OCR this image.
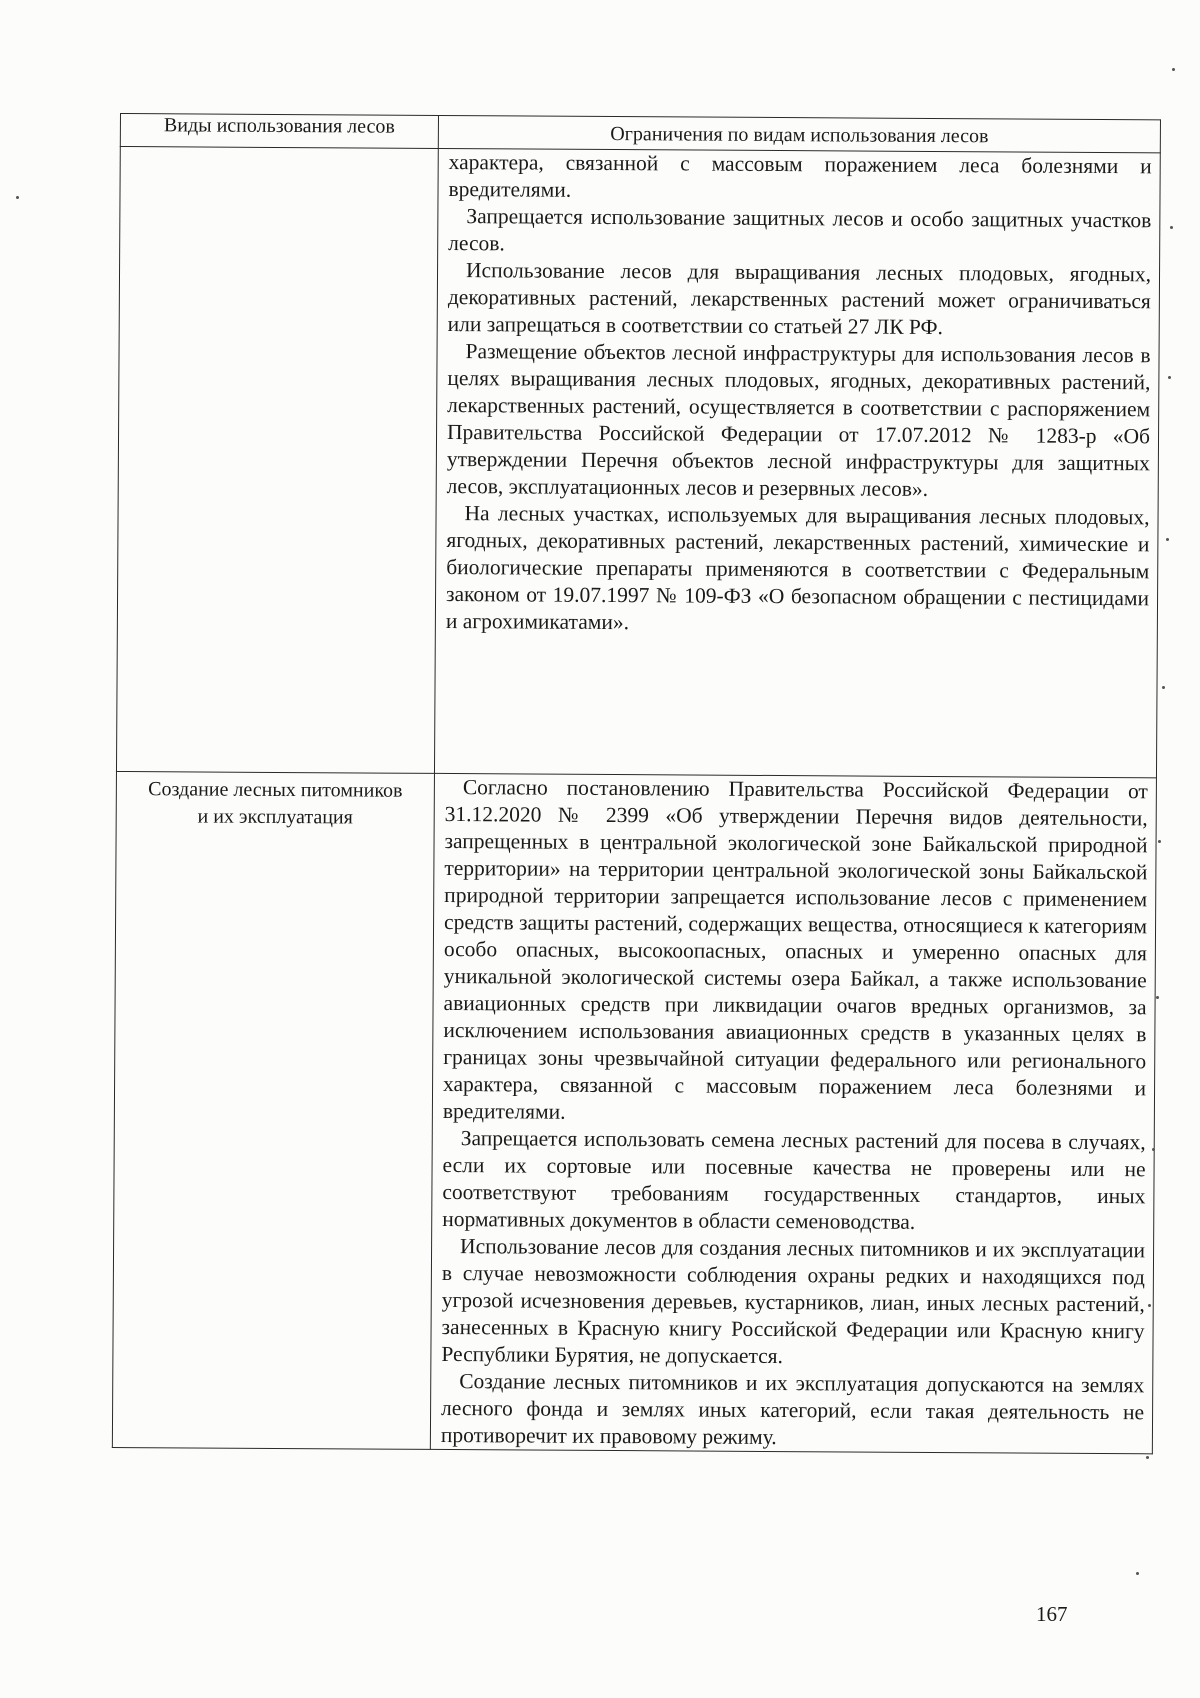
Виды использования лесов	Ограничения по видам использования лесов

	характера, связанной с массовым поражением леса болезнями и вредителями.

Запрещается использование защитных лесов и особо защитных участков лесов.

Использование лесов для выращивания лесных плодовых, ягодных, декоративных растений, лекарственных растений может ограничиваться или запрещаться в соответствии со статьей 27 ЛК РФ.

Размещение объектов лесной инфраструктуры для использования лесов в целях выращивания лесных плодовых, ягодных, декоративных растений, лекарственных растений, осуществляется в соответствии с распоряжением Правительства Российской Федерации от 17.07.2012 № 1283-р «Об утверждении Перечня объектов лесной инфраструктуры для защитных лесов, эксплуатационных лесов и резервных лесов».

На лесных участках, используемых для выращивания лесных плодовых, ягодных, декоративных растений, лекарственных растений, химические и биологические препараты применяются в соответствии с Федеральным законом от 19.07.1997 № 109-ФЗ «О безопасном обращении с пестицидами и агрохимикатами».

Создание лесных питомников и их эксплуатация	Согласно постановлению Правительства Российской Федерации от 31.12.2020 № 2399 «Об утверждении Перечня видов деятельности, запрещенных в центральной экологической зоне Байкальской природной территории» на территории центральной экологической зоны Байкальской природной территории запрещается использование лесов с применением средств защиты растений, содержащих вещества, относящиеся к категориям особо опасных, высокоопасных, опасных и умеренно опасных для уникальной экологической системы озера Байкал, а также использование авиационных средств при ликвидации очагов вредных организмов, за исключением использования авиационных средств в указанных целях в границах зоны чрезвычайной ситуации федерального или регионального характера, связанной с массовым поражением леса болезнями и вредителями.

Запрещается использовать семена лесных растений для посева в случаях, если их сортовые или посевные качества не проверены или не соответствуют требованиям государственных стандартов, иных нормативных документов в области семеноводства.

Использование лесов для создания лесных питомников и их эксплуатации в случае невозможности соблюдения охраны редких и находящихся под угрозой исчезновения деревьев, кустарников, лиан, иных лесных растений, занесенных в Красную книгу Российской Федерации или Красную книгу Республики Бурятия, не допускается.

Создание лесных питомников и их эксплуатация допускаются на землях лесного фонда и землях иных категорий, если такая деятельность не противоречит их правовому режиму.

167
